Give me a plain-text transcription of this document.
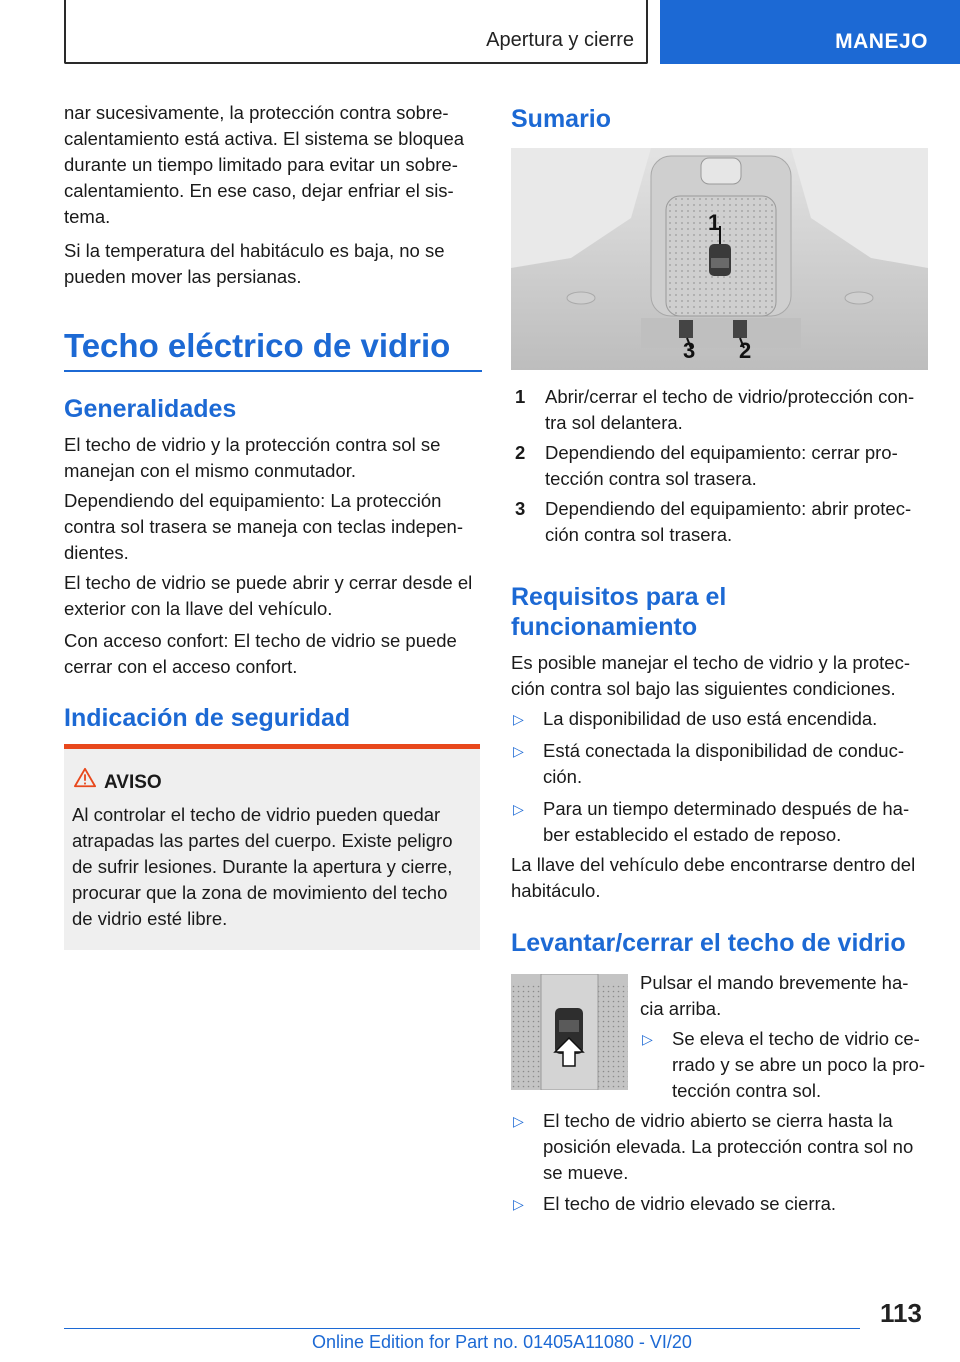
Apertura y cierre	MANEJO

nar sucesivamente, la protección contra sobre-calentamiento está activa. El sistema se bloquea durante un tiempo limitado para evitar un sobre-calentamiento. En ese caso, dejar enfriar el sis-tema.

Si la temperatura del habitáculo es baja, no se pueden mover las persianas.

Techo eléctrico de vidrio
Generalidades

El techo de vidrio y la protección contra sol se manejan con el mismo conmutador.

Dependiendo del equipamiento: La protección contra sol trasera se maneja con teclas indepen-dientes.

El techo de vidrio se puede abrir y cerrar desde el exterior con la llave del vehículo.

Con acceso confort: El techo de vidrio se puede cerrar con el acceso confort.

Indicación de seguridad
AVISO

Al controlar el techo de vidrio pueden quedar atrapadas las partes del cuerpo. Existe peligro de sufrir lesiones. Durante la apertura y cierre, procurar que la zona de movimiento del techo de vidrio esté libre.

Sumario
1
2
3
1	Abrir/cerrar el techo de vidrio/protección con-tra sol delantera.

2	Dependiendo del equipamiento: cerrar pro-tección contra sol trasera.

3	Dependiendo del equipamiento: abrir protec-ción contra sol trasera.

Requisitos para el funcionamiento

Es posible manejar el techo de vidrio y la protec-ción contra sol bajo las siguientes condiciones.

▷	La disponibilidad de uso está encendida.

▷	Está conectada la disponibilidad de conduc-ción.

▷	Para un tiempo determinado después de ha-ber establecido el estado de reposo.

La llave del vehículo debe encontrarse dentro del habitáculo.

Levantar/cerrar el techo de vidrio

Pulsar el mando brevemente ha-cia arriba.

▷	Se eleva el techo de vidrio ce-rrado y se abre un poco la pro-tección contra sol.

▷	El techo de vidrio abierto se cierra hasta la posición elevada. La protección contra sol no se mueve.

▷	El techo de vidrio elevado se cierra.

113
Online Edition for Part no. 01405A11080 - VI/20
